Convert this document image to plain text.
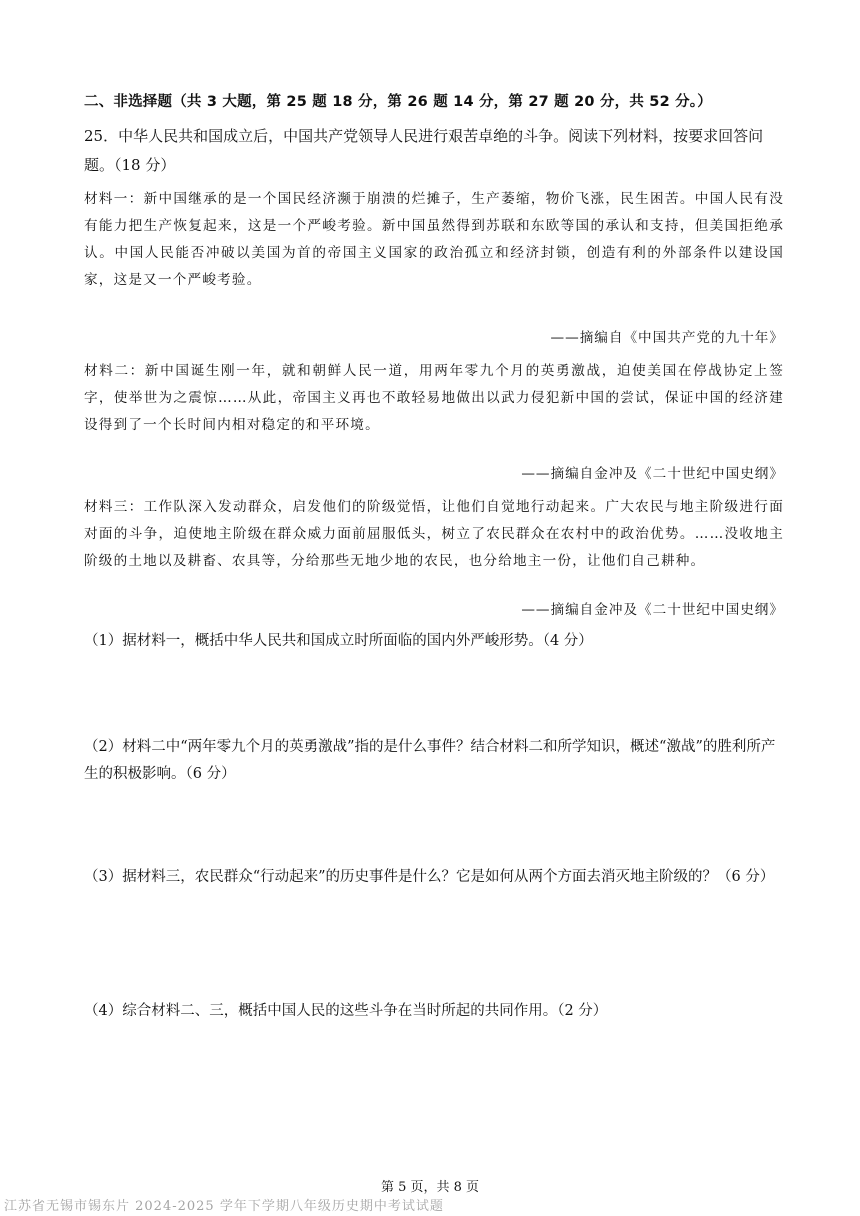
二、非选择题（共 3 大题，第 25 题 18 分，第 26 题 14 分，第 27 题 20 分，共 52 分。）
25．中华人民共和国成立后，中国共产党领导人民进行艰苦卓绝的斗争。阅读下列材料，按要求回答问题。（18 分）
材料一：新中国继承的是一个国民经济濒于崩溃的烂摊子，生产萎缩，物价飞涨，民生困苦。中国人民有没有能力把生产恢复起来，这是一个严峻考验。新中国虽然得到苏联和东欧等国的承认和支持，但美国拒绝承认。中国人民能否冲破以美国为首的帝国主义国家的政治孤立和经济封锁，创造有利的外部条件以建设国家，这是又一个严峻考验。
——摘编自《中国共产党的九十年》
材料二：新中国诞生刚一年，就和朝鲜人民一道，用两年零九个月的英勇激战，迫使美国在停战协定上签字，使举世为之震惊……从此，帝国主义再也不敢轻易地做出以武力侵犯新中国的尝试，保证中国的经济建设得到了一个长时间内相对稳定的和平环境。
——摘编自金冲及《二十世纪中国史纲》
材料三：工作队深入发动群众，启发他们的阶级觉悟，让他们自觉地行动起来。广大农民与地主阶级进行面对面的斗争，迫使地主阶级在群众威力面前屈服低头，树立了农民群众在农村中的政治优势。……没收地主阶级的土地以及耕畜、农具等，分给那些无地少地的农民，也分给地主一份，让他们自己耕种。
——摘编自金冲及《二十世纪中国史纲》
（1）据材料一，概括中华人民共和国成立时所面临的国内外严峻形势。（4 分）
（2）材料二中“两年零九个月的英勇激战”指的是什么事件？结合材料二和所学知识，概述“激战”的胜利所产生的积极影响。（6 分）
（3）据材料三，农民群众“行动起来”的历史事件是什么？它是如何从两个方面去消灭地主阶级的？（6 分）
（4）综合材料二、三，概括中国人民的这些斗争在当时所起的共同作用。（2 分）
第 5 页，共 8 页
江苏省无锡市锡东片 2024-2025 学年下学期八年级历史期中考试试题
